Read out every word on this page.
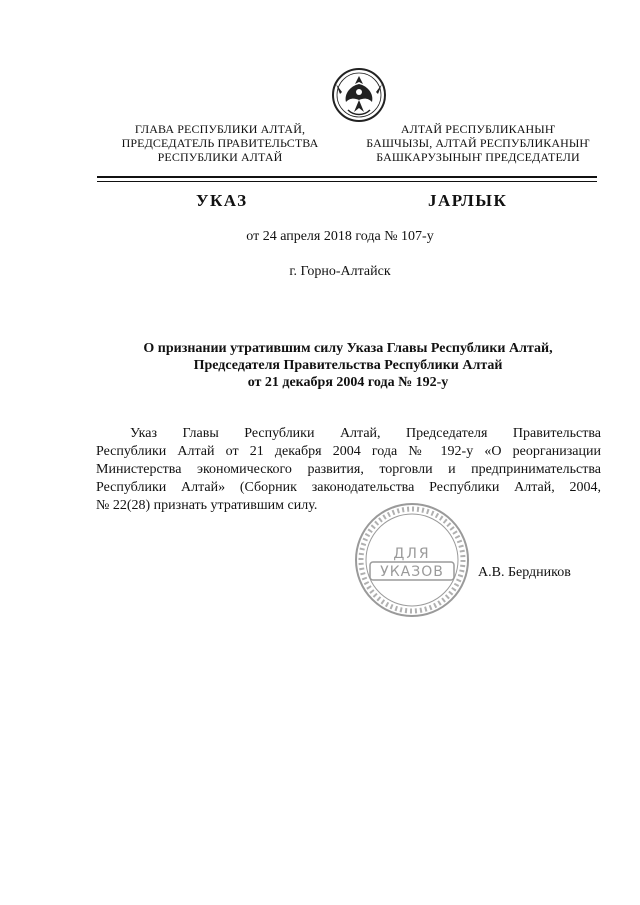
ГЛАВА РЕСПУБЛИКИ АЛТАЙ,
ПРЕДСЕДАТЕЛЬ ПРАВИТЕЛЬСТВА
РЕСПУБЛИКИ АЛТАЙ
АЛТАЙ РЕСПУБЛИКАНЫҤ
БАШЧЫЗЫ, АЛТАЙ РЕСПУБЛИКАНЫҤ
БАШКАРУЗЫНЫҤ ПРЕДСЕДАТЕЛИ
УКАЗ	ЈАРЛЫК
от 24 апреля 2018 года № 107-у
г. Горно-Алтайск
О признании утратившим силу Указа Главы Республики Алтай,
Председателя Правительства Республики Алтай
от 21 декабря 2004 года № 192-у
Указ Главы Республики Алтай, Председателя Правительства
Республики Алтай от 21 декабря 2004 года № 192-у «О реорганизации
Министерства экономического развития, торговли и предпринимательства
Республики Алтай» (Сборник законодательства Республики Алтай, 2004,
№ 22(28) признать утратившим силу.
ДЛЯ
УКАЗОВ А.В. Бердников
